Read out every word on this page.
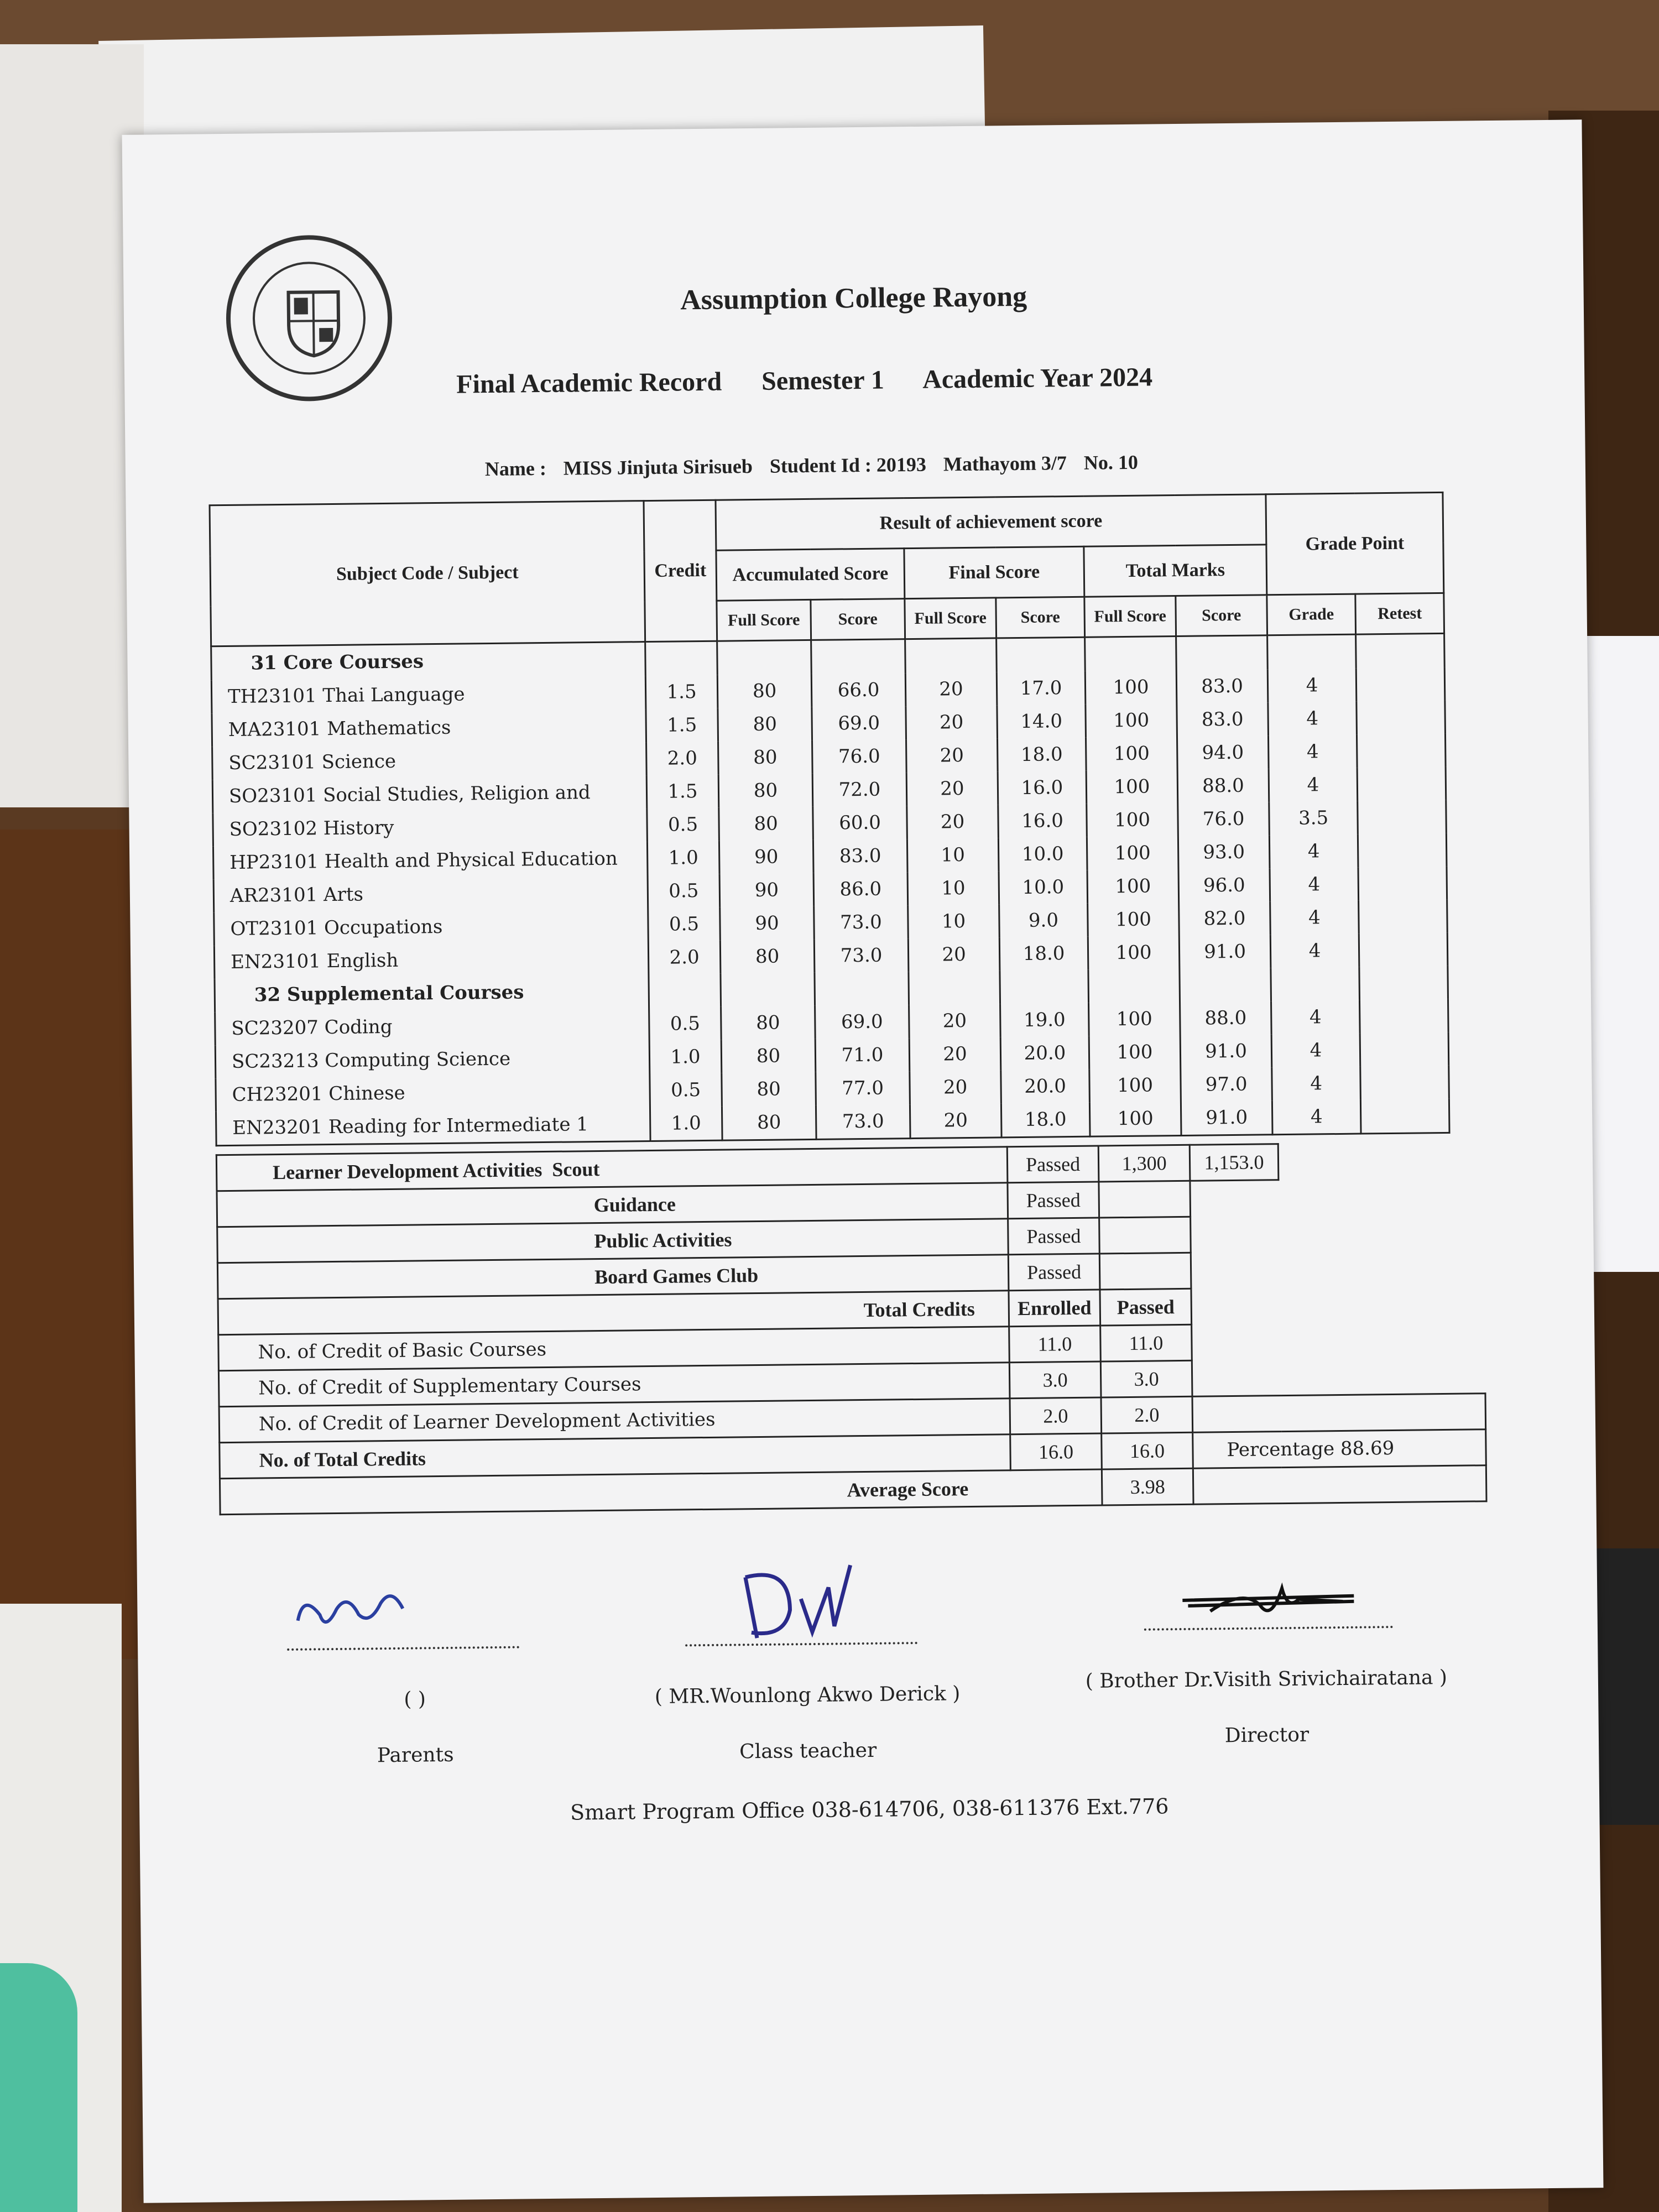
Assumption College Rayong
Final Academic Record Semester 1 Academic Year 2024
Name : MISS Jinjuta Sirisueb Student Id : 20193 Mathayom 3/7 No. 10
Subject Code / Subject	Credit	Result of achievement score						Grade Point	
		Accumulated Score		Final Score		Total Marks			
		Full Score	Score	Full Score	Score	Full Score	Score	Grade	Retest
31 Core Courses									
TH23101 Thai Language	1.5	80	66.0	20	17.0	100	83.0	4	
MA23101 Mathematics	1.5	80	69.0	20	14.0	100	83.0	4	
SC23101 Science	2.0	80	76.0	20	18.0	100	94.0	4	
SO23101 Social Studies, Religion and	1.5	80	72.0	20	16.0	100	88.0	4	
SO23102 History	0.5	80	60.0	20	16.0	100	76.0	3.5	
HP23101 Health and Physical Education	1.0	90	83.0	10	10.0	100	93.0	4	
AR23101 Arts	0.5	90	86.0	10	10.0	100	96.0	4	
OT23101 Occupations	0.5	90	73.0	10	9.0	100	82.0	4	
EN23101 English	2.0	80	73.0	20	18.0	100	91.0	4	
32 Supplemental Courses									
SC23207 Coding	0.5	80	69.0	20	19.0	100	88.0	4	
SC23213 Computing Science	1.0	80	71.0	20	20.0	100	91.0	4	
CH23201 Chinese	0.5	80	77.0	20	20.0	100	97.0	4	
EN23201 Reading for Intermediate 1	1.0	80	73.0	20	18.0	100	91.0	4	
Learner Development Activities Scout	Passed	1,300	1,153.0	
Guidance	Passed			
Public Activities	Passed			
Board Games Club	Passed			
Total Credits	Enrolled	Passed		
No. of Credit of Basic Courses	11.0	11.0		
No. of Credit of Supplementary Courses	3.0	3.0		
No. of Credit of Learner Development Activities	2.0	2.0		
No. of Total Credits	16.0	16.0	Percentage 88.69	
Average Score		3.98		
( )
Parents
( MR.Wounlong Akwo Derick )
Class teacher
( Brother Dr.Visith Srivichairatana )
Director
Smart Program Office 038-614706, 038-611376 Ext.776
